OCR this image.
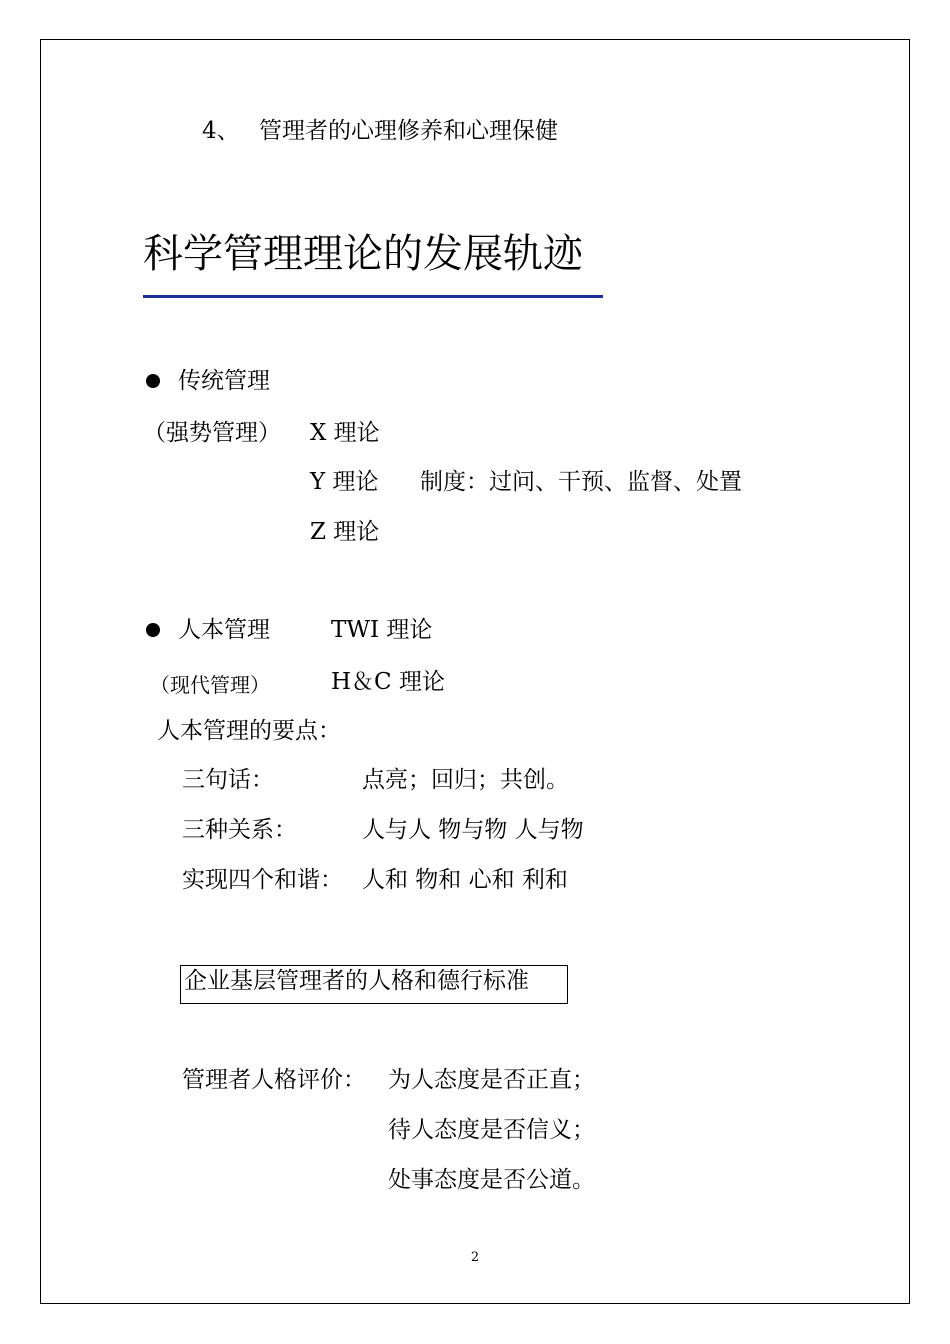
4、 管理者的心理修养和心理保健
科学管理理论的发展轨迹
传统管理
（强势管理） X 理论
Y 理论 制度：过问、干预、监督、处置
Z 理论
人本管理	TWI 理论
（现代管理）	H＆C 理论
人本管理的要点：
三句话：	点亮；回归；共创。
三种关系：	人与人 物与物 人与物
实现四个和谐： 人和 物和 心和 利和
企业基层管理者的人格和德行标准
管理者人格评价： 为人态度是否正直；
待人态度是否信义；
处事态度是否公道。
2
